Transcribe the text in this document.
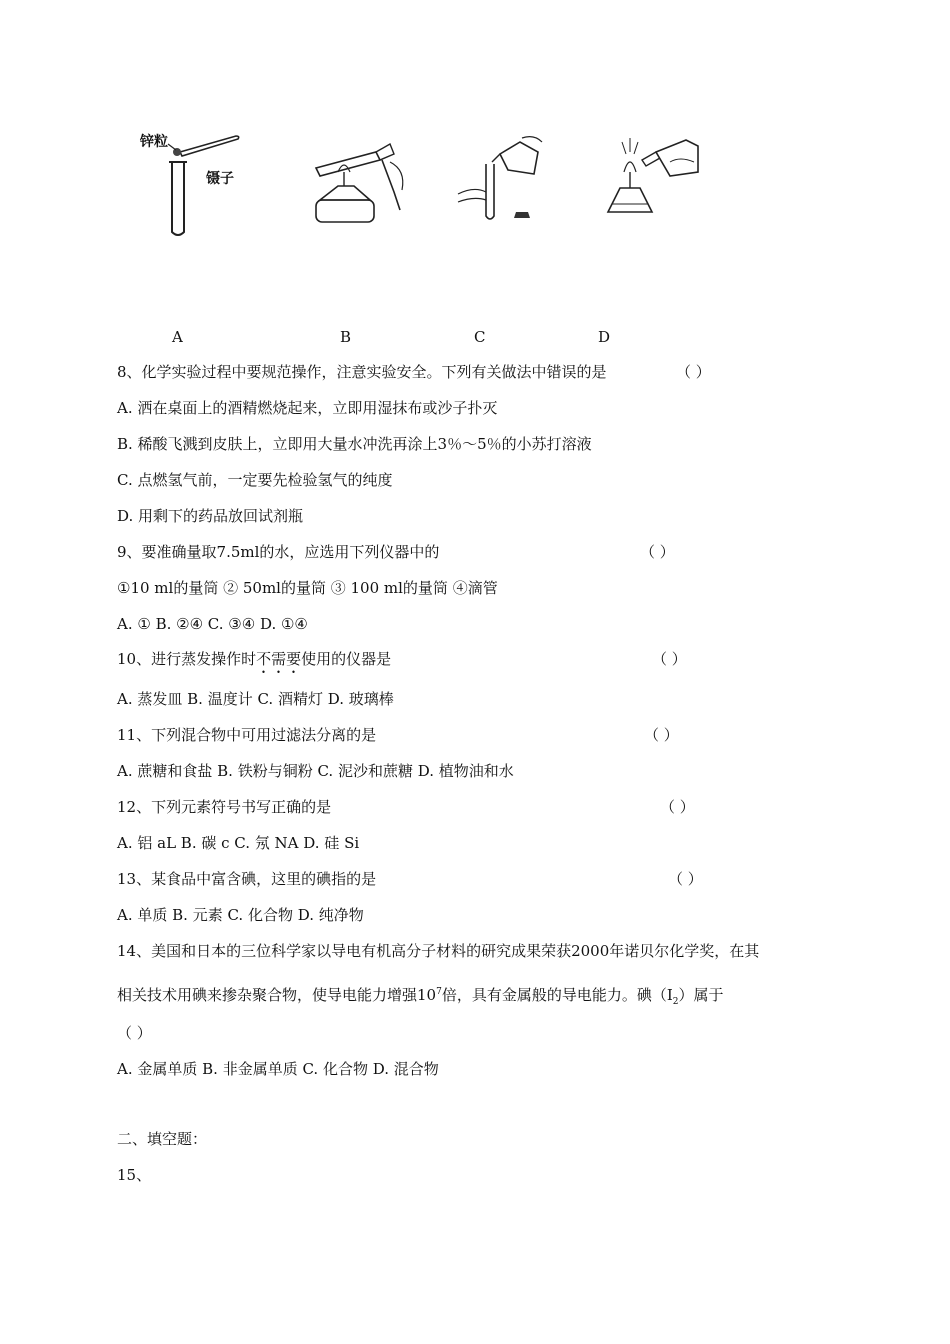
锌粒
镊子
A	B	C	D
8、化学实验过程中要规范操作，注意实验安全。下列有关做法中错误的是	（ ）
A. 洒在桌面上的酒精燃烧起来，立即用湿抹布或沙子扑灭
B. 稀酸飞溅到皮肤上，立即用大量水冲洗再涂上3％～5％的小苏打溶液
C. 点燃氢气前，一定要先检验氢气的纯度
D. 用剩下的药品放回试剂瓶
9、要准确量取7.5ml的水，应选用下列仪器中的	（ ）
①10 ml的量筒 ② 50ml的量筒 ③ 100 ml的量筒 ④滴管
A. ① B. ②④ C. ③④ D. ①④
10、进行蒸发操作时不需要使用的仪器是	（ ）
A. 蒸发皿 B. 温度计 C. 酒精灯 D. 玻璃棒
11、下列混合物中可用过滤法分离的是	（ ）
A. 蔗糖和食盐 B. 铁粉与铜粉 C. 泥沙和蔗糖 D. 植物油和水
12、下列元素符号书写正确的是	（ ）
A. 铝 aL B. 碳 c C. 氖 NA D. 硅 Si
13、某食品中富含碘，这里的碘指的是	（ ）
A. 单质 B. 元素 C. 化合物 D. 纯净物
14、美国和日本的三位科学家以导电有机高分子材料的研究成果荣获2000年诺贝尔化学奖，在其
相关技术用碘来掺杂聚合物，使导电能力增强$10^7$倍，具有金属般的导电能力。碘$(I_2)$属于
（ ）
A. 金属单质 B. 非金属单质 C. 化合物 D. 混合物
二、填空题：
15、
